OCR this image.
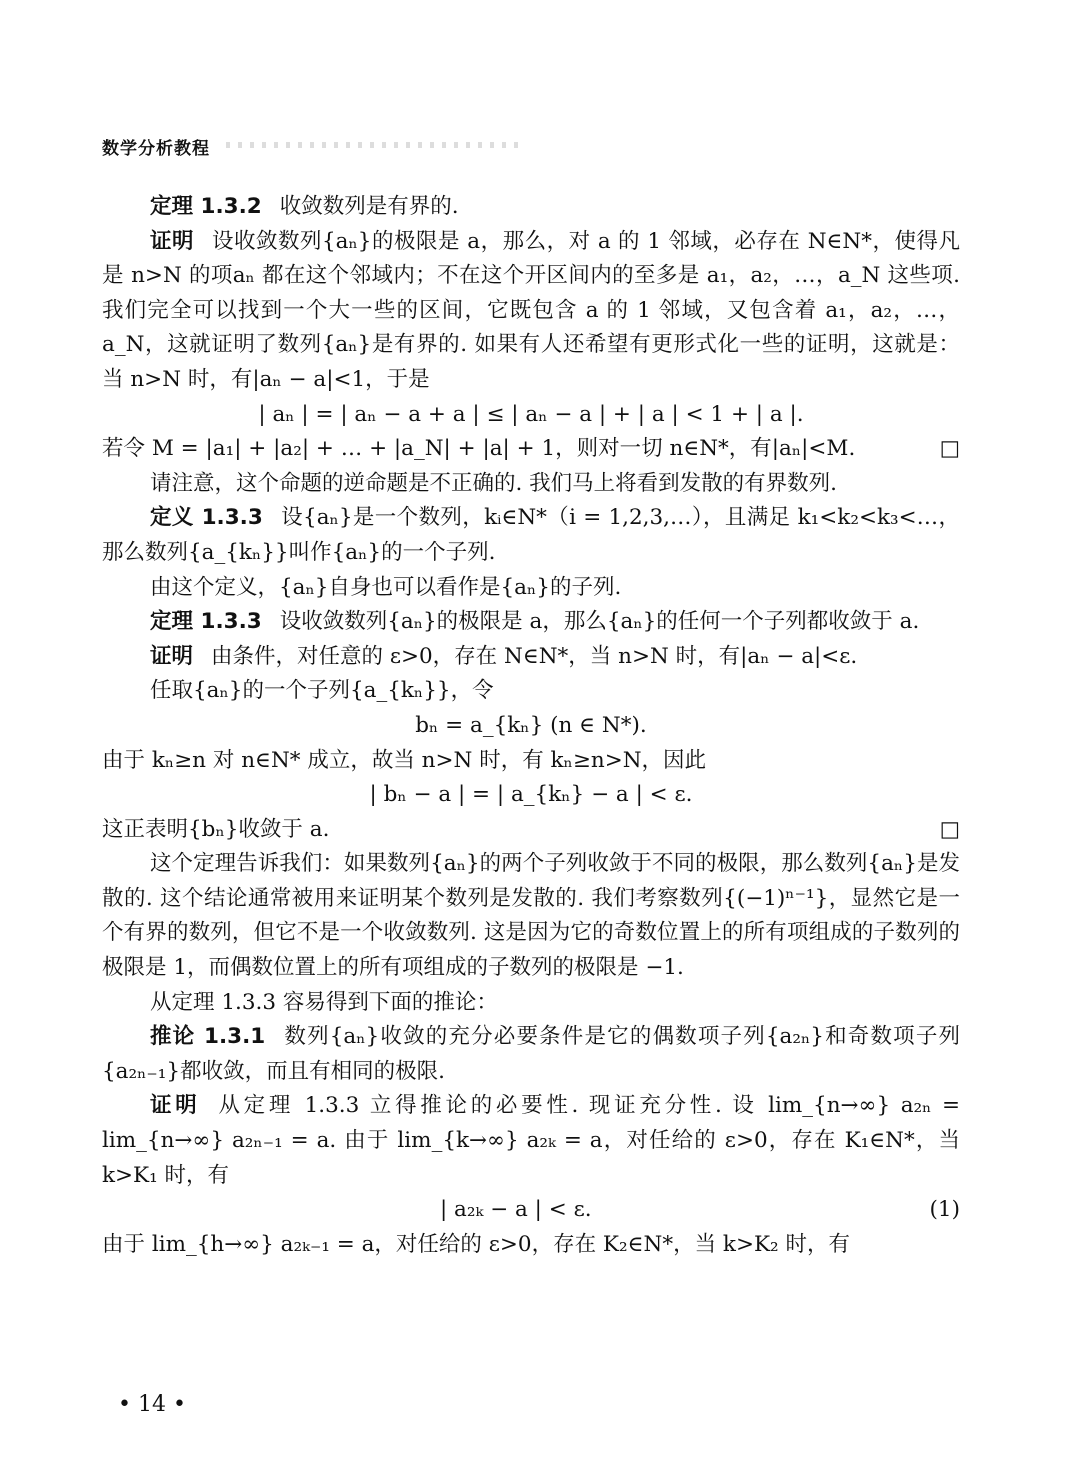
数学分析教程

定理 1.3.2 收敛数列是有界的.

证明 设收敛数列{aₙ}的极限是 a，那么，对 a 的 1 邻域，必存在 N∈N*，使得凡是 n>N 的项aₙ 都在这个邻域内；不在这个开区间内的至多是 a₁，a₂，…，a_N 这些项. 我们完全可以找到一个大一些的区间，它既包含 a 的 1 邻域，又包含着 a₁，a₂，…，a_N，这就证明了数列{aₙ}是有界的. 如果有人还希望有更形式化一些的证明，这就是：当 n>N 时，有|aₙ − a|<1，于是

| aₙ | = | aₙ − a + a | ≤ | aₙ − a | + | a | < 1 + | a |.

若令 M = |a₁| + |a₂| + … + |a_N| + |a| + 1，则对一切 n∈N*，有|aₙ|<M.	□

请注意，这个命题的逆命题是不正确的. 我们马上将看到发散的有界数列.

定义 1.3.3 设{aₙ}是一个数列，kᵢ∈N*（i = 1,2,3,…），且满足 k₁<k₂<k₃<…，那么数列{a_{kₙ}}叫作{aₙ}的一个子列.

由这个定义，{aₙ}自身也可以看作是{aₙ}的子列.

定理 1.3.3 设收敛数列{aₙ}的极限是 a，那么{aₙ}的任何一个子列都收敛于 a.

证明 由条件，对任意的 ε>0，存在 N∈N*，当 n>N 时，有|aₙ − a|<ε.

任取{aₙ}的一个子列{a_{kₙ}}，令

bₙ = a_{kₙ} (n ∈ N*).

由于 kₙ≥n 对 n∈N* 成立，故当 n>N 时，有 kₙ≥n>N，因此

| bₙ − a | = | a_{kₙ} − a | < ε.

这正表明{bₙ}收敛于 a.	□

这个定理告诉我们：如果数列{aₙ}的两个子列收敛于不同的极限，那么数列{aₙ}是发散的. 这个结论通常被用来证明某个数列是发散的. 我们考察数列{(−1)ⁿ⁻¹}，显然它是一个有界的数列，但它不是一个收敛数列. 这是因为它的奇数位置上的所有项组成的子数列的极限是 1，而偶数位置上的所有项组成的子数列的极限是 −1.

从定理 1.3.3 容易得到下面的推论：

推论 1.3.1 数列{aₙ}收敛的充分必要条件是它的偶数项子列{a₂ₙ}和奇数项子列{a₂ₙ₋₁}都收敛，而且有相同的极限.

证明 从定理 1.3.3 立得推论的必要性. 现证充分性. 设 lim_{n→∞} a₂ₙ = lim_{n→∞} a₂ₙ₋₁ = a. 由于 lim_{k→∞} a₂ₖ = a，对任给的 ε>0，存在 K₁∈N*，当 k>K₁ 时，有

| a₂ₖ − a | < ε.	(1)

由于 lim_{h→∞} a₂ₖ₋₁ = a，对任给的 ε>0，存在 K₂∈N*，当 k>K₂ 时，有

• 14 •
